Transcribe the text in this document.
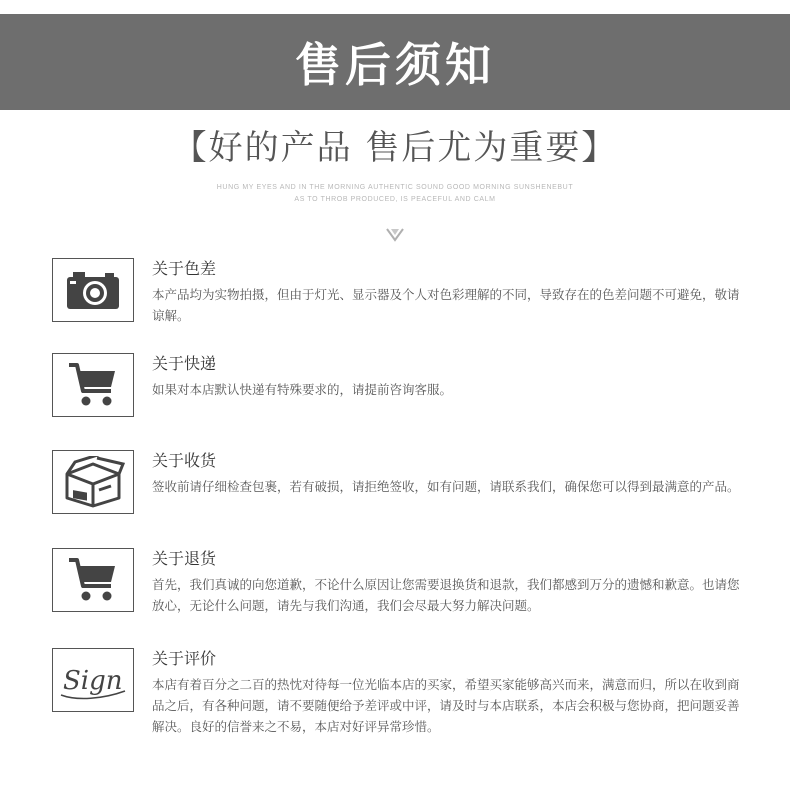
售后须知
【好的产品 售后尤为重要】
HUNG MY EYES AND IN THE MORNING AUTHENTIC SOUND GOOD MORNING SUNSHENEBUT
AS TO THROB PRODUCED, IS PEACEFUL AND CALM
关于色差
本产品均为实物拍摄，但由于灯光、显示器及个人对色彩理解的不同，导致存在的色差问题不可避免，敬请谅解。
关于快递
如果对本店默认快递有特殊要求的，请提前咨询客服。
关于收货
签收前请仔细检查包裹，若有破损，请拒绝签收，如有问题，请联系我们，确保您可以得到最满意的产品。
关于退货
首先，我们真诚的向您道歉，不论什么原因让您需要退换货和退款，我们都感到万分的遗憾和歉意。也请您放心，无论什么问题，请先与我们沟通，我们会尽最大努力解决问题。
Sign
关于评价
本店有着百分之二百的热忱对待每一位光临本店的买家，希望买家能够高兴而来，满意而归，所以在收到商品之后，有各种问题，请不要随便给予差评或中评，请及时与本店联系，本店会积极与您协商，把问题妥善解决。良好的信誉来之不易，本店对好评异常珍惜。
